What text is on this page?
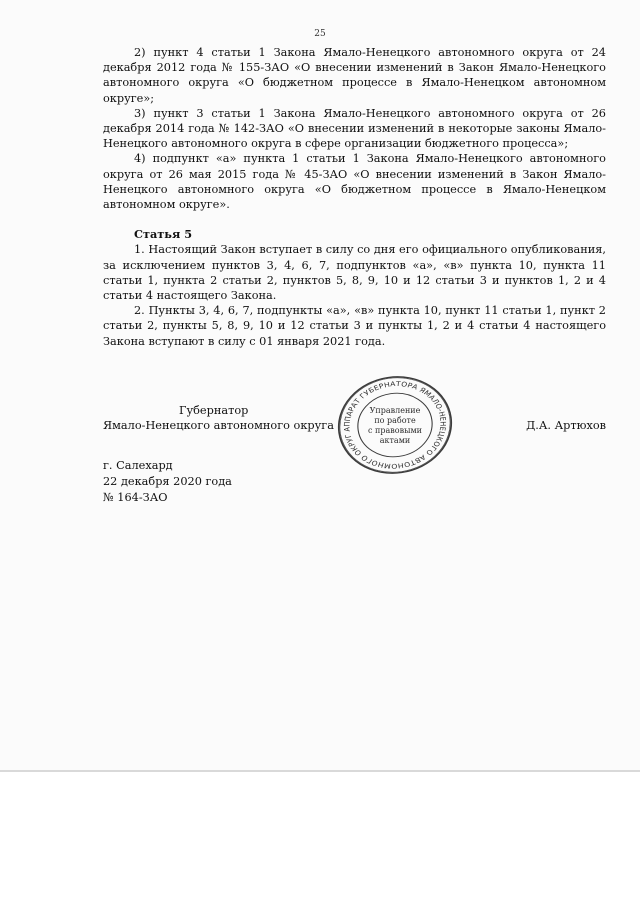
25

2) пункт 4 статьи 1 Закона Ямало-Ненецкого автономного округа от 24 декабря 2012 года № 155-ЗАО «О внесении изменений в Закон Ямало-Ненецкого автономного округа «О бюджетном процессе в Ямало-Ненецком автономном округе»;

3) пункт 3 статьи 1 Закона Ямало-Ненецкого автономного округа от 26 декабря 2014 года № 142-ЗАО «О внесении изменений в некоторые законы Ямало-Ненецкого автономного округа в сфере организации бюджетного процесса»;

4) подпункт «а» пункта 1 статьи 1 Закона Ямало-Ненецкого автономного округа от 26 мая 2015 года № 45-ЗАО «О внесении изменений в Закон Ямало-Ненецкого автономного округа «О бюджетном процессе в Ямало-Ненецком автономном округе».

Статья 5

1. Настоящий Закон вступает в силу со дня его официального опубликования, за исключением пунктов 3, 4, 6, 7, подпунктов «а», «в» пункта 10, пункта 11 статьи 1, пункта 2 статьи 2, пунктов 5, 8, 9, 10 и 12 статьи 3 и пунктов 1, 2 и 4 статьи 4 настоящего Закона.

2. Пункты 3, 4, 6, 7, подпункты «а», «в» пункта 10, пункт 11 статьи 1, пункт 2 статьи 2, пункты 5, 8, 9, 10 и 12 статьи 3 и пункты 1, 2 и 4 статьи 4 настоящего Закона вступают в силу с 01 января 2021 года.

Губернатор
Ямало-Ненецкого автономного округа	Д.А. Артюхов
АППАРАТ ГУБЕРНАТОРА ЯМАЛО-НЕНЕЦКОГО АВТОНОМНОГО ОКРУГА
Управление
по работе
с правовыми
актами
г. Салехард
22 декабря 2020 года
№ 164-ЗАО
